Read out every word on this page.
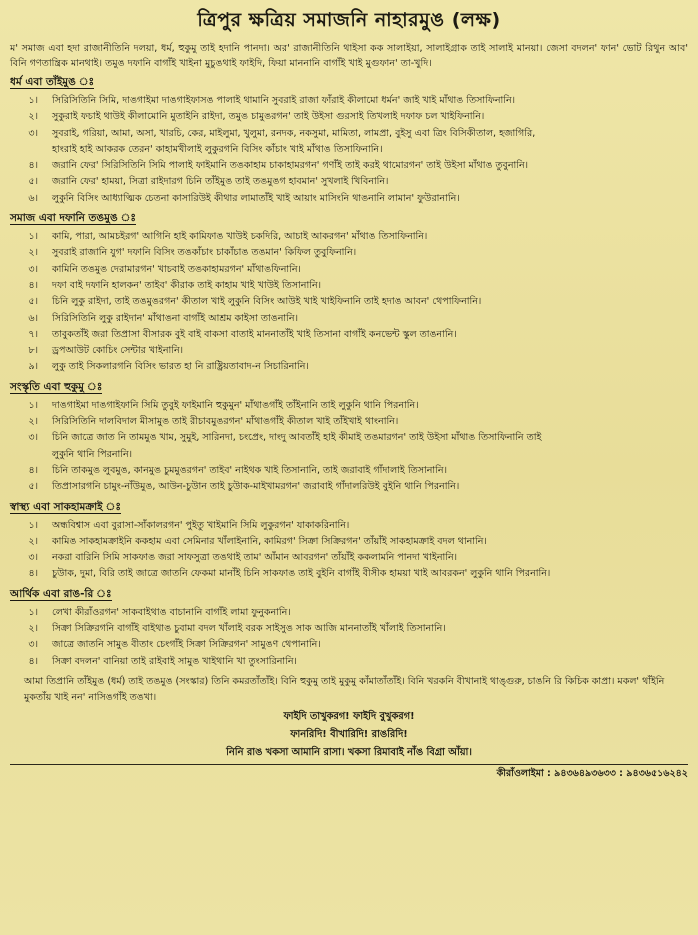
ত্রিপুর ক্ষত্রিয় সমাজনি নাহারমুঙ (লক্ষ)
ম' সমাজ এবা হদা রাজানীতিনি দলয়া, ধর্ম, হুকুমু তাই হদানি পানদা। অর' রাজানীতিনি থাইসা কক সালাইয়া, সালাইগ্রাক তাই সালাই মানয়া। জেসা বদলন' ফান' ভোট রিথুন আব' বিনি গণতান্ত্রিক মানথাই। তমুঙ দফানি বাগাঁই খাইনা মুচুঙথাই ফাইদি, ফিয়া মাননানি বাগাঁই খাই মুগুফান' তা-খুদি।
ধর্ম এবা তাঁইমুঙ ঃ
১।	সিরিসিতিনি সিমি, দাঙগাইমা দাঙগাইফাসঙ পালাই থামানি সুবরাই রাজা ফাঁরাই কীলামো ধর্মন' জাই খাই মাঁথাঙ তিসাফিনানি।
২।	সুকুরাই ফচাই থাউই কীলামোনি মুতাইনি রাইদা, তমুঙ চামুঙরগন' তাই উইসা গুরসাই তিখলাই দফাফ চল খাইফিনানি।
৩।	সুবরাই, গরিয়া, আমা, অসা, খারচি, কের, মাইলুমা, খুলুমা, রনদক, নকসুমা, মামিতা, লামপ্রা, বুইসু এবা ত্রিং বিসিকীতাল, হজাগিরি,
হাংরাই হাই আকরক তেরন' কাহামখীলাই লুকুরগনি বিসিং কাঁচাং খাই মাঁথাঙ তিসাফিনানি।
৪।	জরানি ফের' সিরিসিতিনি সিমি পালাই ফাইমানি তঙকাহাম চাকাহামরগন' গণাঁই তাই করই থামোরগন' তাই উইসা মাঁথাঙ তুবুনানি।
৫।	জরানি ফের' হাময়া, সিত্রা রাইদারগ চিনি তাঁইমুঙ তাই তঙমুঙগ হাবমান' সুখলাই খিবিনানি।
৬।	লুকুনি বিসিং আধ্যাত্মিক চেতনা কাসারিউই কীথার লামাতাঁই খাই আয়াং মাসিংনি থাঙনানি লামান' ফুউরানানি।
সমাজ এবা দফানি তঙমুঙ ঃ
১।	কামি, পারা, আমচইরগ' আগিনি হাই কামিফাঙ খাউই চকদিরি, আচাই আকরগন' মাঁথাঙ তিসাফিনানি।
২।	সুবরাই রাজানি যুগ' দফানি বিসিং তঙকাঁচাং চাকাঁচাঙ তঙমান' কিফিল তুবুফিনানি।
৩।	কামিনি তঙমুঙ দেরামারগন' খাচবাই তঙকাহামরগন' মাঁথাঙফিনানি।
৪।	দফা বাই দফানি হালকন' তাইব' কীরাক তাই কাহাম খাই খাউই তিসানানি।
৫।	চিনি লুকু রাইদা, তাই তঙমুঙরগন' কীতাল খাই লুকুনি বিসিং আউই খাই খাইফিনানি তাই হদাঙ আবন' থেপাফিনানি।
৬।	সিরিসিতিনি লুকু রাইদান' মাঁথাঙনা বাগাঁই আশ্রম কাইসা তাঙনানি।
৭।	তাবুকতাঁই জরা তিপ্রাসা বীসারক বুই বাই বাকসা বাতাই মাননাতাঁই খাই তিসানা বাগাঁই কনভেন্ট স্কুল তাঙনানি।
৮।	ড্রপআউট কোচিং সেন্টার খাইনানি।
৯।	লুকু তাই সিকলারগনি বিসিং ভারত হা নি রাষ্ট্রিয়তাবাদ-ন সিচারিনানি।
সংস্কৃতি এবা হুকুমু ঃ
১।	দাঙগাইমা দাঙগাইফানি সিমি তুবুই ফাইমানি হুকুমুন' মাঁথাঙগাঁই তাঁইনানি তাই লুকুনি থানি পিরনানি।
২।	সিরিসিতিনি দালবিদাল মীসামুঙ তাই রীচাবমুঙরগন' মাঁথাঙগাঁই কীতাল খাই তাঁইখাই থাংনানি।
৩।	চিনি জাত্রে জাত নি তামমুঙ খাম, সুমুই, সারিনদা, চংপ্রেং, দাংদু আবতাঁই হাই কীমাই তঙমারগন' তাই উইসা মাঁথাঙ তিসাফিনানি তাই
লুকুনি থানি পিরনানি।
৪।	চিনি তাকমুঙ লুবমুঙ, কানমুঙ চুমমুঙরগন' তাইব' নাইথক খাই তিসানানি, তাই জরাবাই গাঁদালাই তিসানানি।
৫।	তিপ্রাসারগনি চামুং-নাঁউমুঙ, আউন-চুউান তাই চুউাক-মাইখামরগন' জরাবাই গাঁদালরিউই বুইনি থানি পিরনানি।
স্বাস্থ্য এবা সাকহামক্রাই ঃ
১।	অন্ধবিশ্বাস এবা বুরাসা-সাঁকালরগন' পুইতু খাইমানি সিমি লুকুরগন' যাকাকরিনানি।
২।	কামিঙ সাকহামক্রাইনি ককহাম এবা সেমিনার খাঁলাইনানি, কামিরগ' সিক্রা সিক্রিরগন' তাঁয়াঁই সাকহামক্রাই বদল থানানি।
৩।	নকরা বারিনি সিমি সাকফাঙ জরা সাফসুত্রা তঙথাই তাম' আঁমান আবরগন' তাঁয়াঁই ককলামনি পানদা খাইনানি।
৪।	চুউাক, দুমা, বিরি তাই জাত্রে জাতনি ফেকমা মানাঁই চিনি সাকফাঙ তাই বুইনি বাগাঁই বীসীক হাময়া খাই আবরকন' লুকুনি থানি পিরনানি।
আর্থিক এবা রাঙ-রি ঃ
১।	লেখা কীরাঁওরগন' সাকবাইথাঙ বাচানানি বাগাঁই লামা ফুনুকনানি।
২।	সিক্রা সিক্রিরগনি বাগাঁই বাইথাঙ চুবামা বদল খাঁলাই বরক সাইসুঙ সাক আজি মাননাতাঁই খাঁলাই তিসানানি।
৩।	জাত্রে জাতনি সামুঙ বীতাং চেংগাঁই সিক্রা সিক্রিরগন' সামুঙণ থেপানানি।
৪।	সিক্রা বদলন' বানিয়া তাই রাইবাই সামুঙ খাইথানি খা তুংসারিনানি।
আমা তিপ্রানি তাঁইমুঙ (ধর্ম) তাই তঙমুঙ (সংস্কার) তিনি কমরতাঁতাঁই। বিনি হুকুমু তাই মুকুমু কাঁমাতাঁতাঁই। বিনি খরকনি বীখানাই থাঙ্গুরু, চাঙনি রি কিচিক কাপ্রা। মকল' থাঁইনি মুকতাঁয় খাই নন' নাসিঙগাঁই তঙখা।
ফাইদি তাখুকরগ! ফাইদি বুখুকরগ!
ফানরিদি! বীখারিদি! রাঙরিদি!
নিনি রাঙ খকসা আমানি রাসা। খকসা রিমাবাই নাঁঙ বিগ্রা আঁয়া।
কীরাঁওলাইমা : ৯৪৩৬৪৯৩৬৩৩ : ৯৪৩৬৫১৬২৪২
